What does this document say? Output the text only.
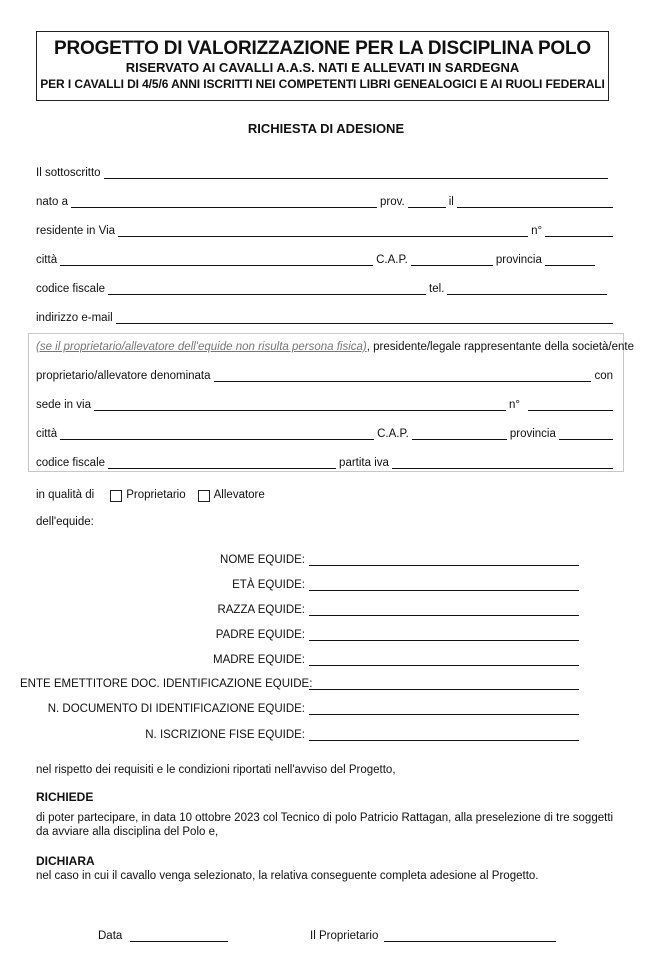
PROGETTO DI VALORIZZAZIONE PER LA DISCIPLINA POLO
RISERVATO AI CAVALLI A.A.S. NATI E ALLEVATI IN SARDEGNA
PER I CAVALLI DI 4/5/6 ANNI ISCRITTI NEI COMPETENTI LIBRI GENEALOGICI E AI RUOLI FEDERALI
RICHIESTA DI ADESIONE
Il sottoscritto
nato a	prov.	il
residente in Via	n°
città	C.A.P.	provincia
codice fiscale	tel.
indirizzo e-mail
(se il proprietario/allevatore dell'equide non risulta persona fisica) , presidente/legale rappresentante della società/ente
proprietario/allevatore denominata	con
sede in via	n°
città	C.A.P.	provincia
codice fiscale	partita iva
in qualità di	Proprietario Allevatore
dell'equide:
NOME EQUIDE:
ETÀ EQUIDE:
RAZZA EQUIDE:
PADRE EQUIDE:
MADRE EQUIDE:
ENTE EMETTITORE DOC. IDENTIFICAZIONE EQUIDE:
N. DOCUMENTO DI IDENTIFICAZIONE EQUIDE:
N. ISCRIZIONE FISE EQUIDE:
nel rispetto dei requisiti e le condizioni riportati nell'avviso del Progetto,
RICHIEDE
di poter partecipare, in data 10 ottobre 2023 col Tecnico di polo Patricio Rattagan, alla preselezione di tre soggetti da avviare alla disciplina del Polo e,
DICHIARA
nel caso in cui il cavallo venga selezionato, la relativa conseguente completa adesione al Progetto.
Data	Il Proprietario
